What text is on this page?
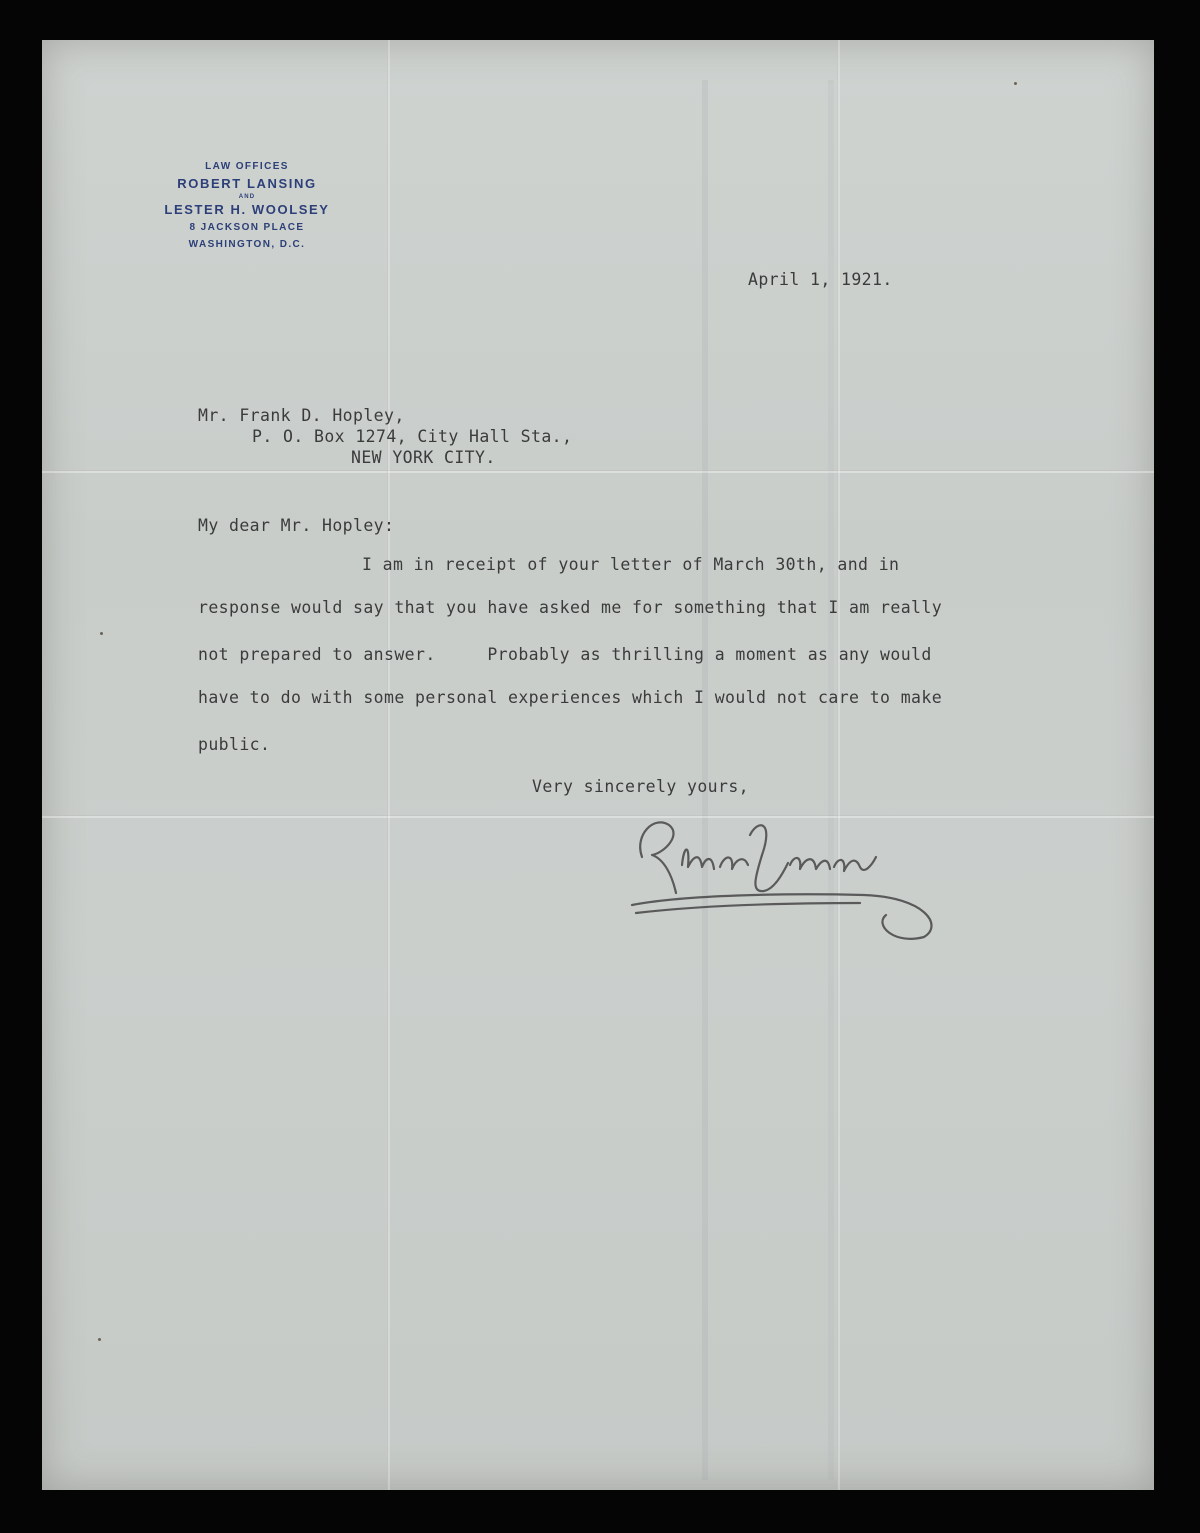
LAW OFFICES
ROBERT LANSING
AND
LESTER H. WOOLSEY
8 JACKSON PLACE
WASHINGTON, D.C.
April 1, 1921.
Mr. Frank D. Hopley,
P. O. Box 1274, City Hall Sta.,
NEW YORK CITY.
My dear Mr. Hopley:
I am in receipt of your letter of March 30th, and in
response would say that you have asked me for something that I am really
not prepared to answer.     Probably as thrilling a moment as any would
have to do with some personal experiences which I would not care to make
public.
Very sincerely yours,
